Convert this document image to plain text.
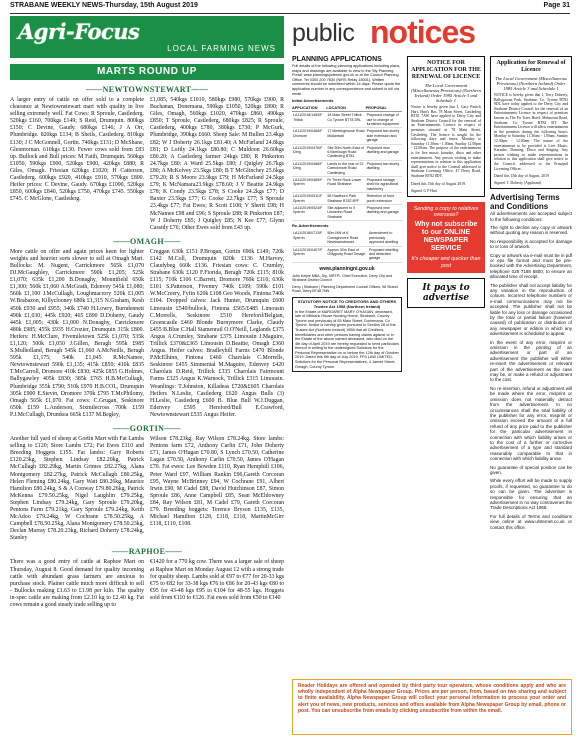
STRABANE WEEKLY NEWS-Thursday, 15th August 2019	Page 31
Agri-Focus
LOCAL FARMING NEWS
MARTS ROUND UP
——NEWTOWNSTEWART——
A larger entry of cattle on offer sold to a complete clearance at Newtownstewart mart with quality in live selling extremely well. Fat Cows: R Sproule, Castlederg. 520kgs £160, 700kgs £149; S Reid, Drumquin. 800kgs £150; C Devine, Gaudy. 680kgs £146; J A Orr, Plumbridge. 820kgs £134; B Sheils, Castlederg. 810kgs £130; J C McGonnell, Gortin. 740kgs £131; D McShane, Glenmornan. 610kgs £130. Fewer cows sold from £83 up. Bullock and Bull prices: M Faith, Drumquin. 560kgs £1050, 590kgs £900, 520kgs £900, 420kgs £880; R Giles, Omagh. Friesian 620kgs £1020; H Catterson, Castlederg. 600kgs £920, 410kgs £910, 570kgs £800. Heifer prices: C Devine, Gaudy. 670kgs £1090, 520kgs £850, 600kgs £840, 520kgs £750, 470kgs £745. 550kgs £745. C McGlone, Castlederg.
£1,085, 540kgs £1010, 580kgs £980, 570kgs £900, R Buchanan, Donemana, 590kgs £1050, 520kgs £890; R Giles, Omagh, 560kgs £1020, 470kgs £860, 490kgs £850; T Sproule, Castlederg, 680kgs £825; R Sproule, Castlederg, 400kgs £780, 380kgs £730; P McGurk, Plumbridge, 390kgs £660. Sheep Sale: M Bullen 23.4kgs £82; W J Doherty 26.1kgs £81.40; A McFarland 24.8kgs £81; D Loftly 24.1kgs £80.80; C Muldoon 26.60kgs £80.20; A Castlederg farmer 24kgs £80; R Pinkerton 24.7kgs £80; A Ward 25.5kgs £80; J Quigley 26.7kgs £80; A McKelvey 23.5kgs £80; B T McGlinchey 25.6kgs £79.20; R S Moore 23.9kgs £79; H McFarland 24.5kgs £79; K McNamara23.9kgs £78.60; J V Beattie 24.9kgs £78; K Condy 23.5kgs £78; S Cooke 24.2kgs £77; D Baxter 23.5kgs £77; G Cooke 22.7kgs £77; S Sproule 23.4kgs £77; Fat Ewes; R Scott £108; V Sherit £98; H McNamee £98 and £96; S Sproule £88; R Pinkerton £87; W J Doherty £85; J Quigley £85; N Kee £77; Glynn Cassidy £76; Other Ewes sold from £43 up.
——OMAGH——
More cattle on offer and again prices keen for lighter weights and heavier sorts slower to sell at Omagh Mart. Bullocks: M. Nugent, Carrickmore 565k £1,070 DJ.McGaughley, Carrickmore 590k £1,205; 525k £1,070; 635k £1,200 B.Donaghy, Mountfield 650k £1,300; 560k £1,060 A.McGrath, Edenvey 545k £1,080; 560k £1,100 J.McCullagh, Loughmacrory 520k £1,005 W.Brabazon, Killyclooney 680k £1,315 N.Graham, Kesh 450k £930 and £955; 340k £740 H.Lowry, Burndennett 490k £1,030; 445k £920; 465 £890 D.Doherty, Gaudy 445k £1,005; 430k £1,000 N.Donaghy, Carrickmore 480k £985; 455k £935 H.Crozier, Drumquin 315k £800. Heifers: H.McClure, Fivemiletown 525k £1,070; 535k £1,120; 500k £1,050 J.Gillen, Beragh 595k £985 S.Mulholland, Beragh 545k £1,060 A.McNeills, Beragh 595k £1,175; 540k £1,045 R.McNamee, Newtownstewart 590k £1,135; 415k £850; 410k £835 T.McCarroll, Dromore 410k £830; 425k £855 G.Holmes, Ballygawley 405k £830; 385k £765 H.B.McCullagh, Plumbridge 355k £790; 510k £970 H.B.COL, Drumquin 305k £900 E.Stevin, Dromore 370k £795 T.McPhilomy, Omagh 565k £1,070. Fat cows: C.Grugan, Seskinore 650k £159 L.Anderson, Sixmilecross 700k £159 P.J.McCullagh, Drumkea 665k £137 M.Begley,
Creggan 630k £151 P.Brogan, Gortin 690k £149; 720k £142 M.Coll, Drumquin 820k £136 M.Harvey, Claudybeg 660k £136. Friesian cows: C. Crumley, Strabane 630k £120 F.Fiorida, Beragh 720k £115; 810k £115; 710k £106 C.Barrett, Dromore 760k £110; 630k £101 S.Patterson, Fivemry 740k £109; 590k £101 W.McCreery, Fyfin 620k £108 Geo Woods, Fintona 740k £104. Dropped calves: Jack Hunter, Drumquin £600 Limousin £540/bullock, Fintona £565/£485 Limousin C.Morrells, Seskinore £510 Hereford/Belgian, Greencastle £460 Blonde Burnymore Clarke, Claudy £455 B.Blue C.Hall Stamenrail O.O'Neill, Leglands £375 Angus A.Crumley, Strabane £375 Limousin J.Maguire, Trillick £370&£365 Limousin D.Beattie, Omagh £360 Angus. Heifer calves: Bradleyhill Farms £470 Blonde P.McElhinn, Fintona £460 Charolais C.Morrells, Seskinore £455 Simmental M.Maguire, Edenvey £420 Charolais D.Reid, Trillick £335 Charolais Fairmount Farms £325 Angus K.Warnock, Trillick £315 Limousin. Weanlings: T.Johnston, Killadeas £720&£605 Charolais Heifers N.Leslie, Castlederg £620 Angus Bulls (3) H.Leslie, Castlederg £600 B. Blue Bull W.J.Duggan, Edenvey £595 Hereford/Bull E.Crawford, Newtownstewart £535 Angus Heifer.
——GORTIN——
Another full yard of sheep at Gortin Mart with Fat Lambs selling to £120; Store Lambs £72; Fat Ewes £110 and Breeding Hoggets £155. Fat lambs: Gary Roberts £120.23kg, Stephen Lindsay £82.20kg, Patrick McCullagh £82.29kg, Martin Grimes £82.27kg, Alana Montgomery £82.27kg, Patrick McCullagh £80.25kg, Helen Fleming £80.24kg, Gary Watt £80.26kg, Maurice Hamilton £80.24kg, S & A Conway £79.80.26kg, Patrick McKenna £79.50.25kg, Nigel Laughlin £79.25kg, Stephen Lindsay £79.24kg, Gary Sproule £79.20kg, Pentons Farm £79.21kg, Gary Sproule £79.24kg, Keith McAdoo £79.24kg, W Cochrane £78.50.25kg, A Campbell £78.50.25kg, Alana Montgomery £78.50.23kg, Declan Murray £78.20.23kg, Richard Doherty £78.24kg, Stanley
Wilson £78.23kg, Ray Wilson £78.24kg. Store lambs: Pentons farm £72, Anthony Carlin £71, John Doherty £71, James O'Hagan £70.80, S Lynch £70.50, Catherine Lagan £70.50, Anthony Carlin £70.50, James O'Hagan £70. Fat ewes: Lee Bowden £110, Ryan Hemphill £106, Peter Ward £97, William Rankin £96,Gareth Corcoran £95, Wayne McBrinney £94, W Cochrane £91, Albert Irwin £90, M Cadel £88, David Hutchinson £87, Simon Sproule £86, Anne Campbell £85, Sean McEldowney £84, Ray Wilson £81, M Cadel £79, Gareth Corcoran £79. Breeding hoggets: Terence Bryson £135, £135, Michael Hamilton £128, £118, £118, MartinMcGirr £118, £110, £108.
——RAPHOE——
There was a good entry of cattle at Raphoe Mart on Thursday, August 8. Good demand for quality incoming cattle with abundant grass farmers are anxious to purchase stock. Plainer cattle much more difficult to sell - Bullocks making £1.63 to £1.98 per kilo. The quality in-spec cattle are making from £2.10 kg to £2.40 kg. Fat cows remain a good steady trade selling up to
€1420 for a 770 kg cow. There was a larger sale of sheep at Raphoe Mart on Monday August 12 with a strong trade for quality sheep. Lambs sold at €97 to €77 for 20-33 kgs €75 to €82 for 33-38 kgs €76 to €86 for 20-43 kgs €80 to €95 for 43-48 kgs €95 to €104 for 48-55 kgs. Hoggets sold from €110 to €126. Fat ewes sold from €50 to €140
public notices
PLANNING APPLICATIONS
Full details of the following planning applications including plans, maps and drawings are available to view in the 'My Planning Portal' www.planningsystemni.gov.uk or at the Council Planning Office. Tel 0300 200 7830 (NIRS Relay 18001). Written comments should be submitted within 14 days. Please quote the application number in any correspondence and submit in full via email.
Initial Advertisements
APPLICATION	LOCATION	PROPOSAL
LA11/2018/1483/F Trillick	18 Main Street Trillick Co Tyrone BT78 3RL	Proposed change of use to change of furnished equipment
LA11/2019/0468/F Dromore	17 Meetinghouse Road Mullanbalt	Proposed two storey side extension and garage
LA11/2019/0476/F Derg	Site 50m North-East of 6 Barnlough Road Castlederg BT81	Proposed new dwelling and garage
LA11/2019/0486/F Derg	Lands to the rear of 22 Carrickmore Road Castlederg	Proposed two storey dwelling
LA11/2019/0489/F Sperrin	Rr Three Rock Lower Road Strabane	Proposed storage shed for agricultural machinery
LA11/2019/0511/F Sperrin	58 Hawthorn Park Strabane BT82 8PF	Retention of front porch extension
LA11/2019/0524/F Sperrin	Site adjacent to 9 Lisnavinn Road Strabane	Proposed new dwelling and garage
Re-Advertisements
LA11/2018/0713/F Sperrin	50m NW of 6 Curraghmore Road Newtownstewart	Amendment to previously approved dwelling
LA11/2019/0407/F Sperrin	Approx 30m East of Gillygooly Road Omagh	Proposed dwelling and detached garage
www.planningni.gov.uk
John Kelpie MBA, Dip, MRTPI, Chief Executive, Derry City and Strabane District Council
Derry | Strabane | Planning Department Council Offices, 98 Strand Road, Derry BT48 7NN
STATUTORY NOTICE TO CREDITORS AND OTHERS
Trustee Act 1958 (Northern Ireland)
In the Estate of MARGARET MARY O'HAGAN, deceased, late of Millbank House Nursing Home, Strabane, County Tyrone and previously of 65 Main Street, Donemana, Co Tyrone. Notice is hereby given pursuant to Section 28 of the Trustee Act (Northern Ireland) 1958 that all Creditors, beneficiaries and other persons having claims against or in the Estate of the above named deceased, who died on the 4th day of April 2019 are hereby requested to send particulars thereof in writing to the undersigned Solicitors for the Personal Representative on or before the 12th day of October 2019. Dated this 9th day of July 2019. FP4 LAW LIMITED, Solicitors for the Personal Representatives, 4 James Street, Omagh, County Tyrone.
NOTICE FOR APPLICATION FOR THE RENEWAL OF LICENCE
The Local Government (Miscellaneous Provisions) (Northern Ireland) Order 1985 Article 3 and Schedule 1
Notice is hereby given that I, Gary Patrick Hart, Hart's Bar, 78 Main Street, Castlederg BT81 7AW have applied to Derry City and Strabane District Council for the renewal of an Entertainments Licence in respect of premises situated at 78 Main Street, Castlederg. The licence is sought for the following days and times: Monday to Saturday 11.30am - 1.00am, Sunday 12.00pm - 12.00am. The purpose of the entertainment is for live music, karaoke, disco and other entertainment. Any person wishing to make representations in relation to this application shall give notice to the Council addressed to Strabane Licensing Office, 47 Derry Road, Strabane BT82 8DY.
Dated this 15th day of August 2019.
Signed: G P Hart
Sending a copy to relatives overseas?
Why not subscribe to our ONLINE NEWSPAPER SERVICE
It's cheaper and quicker than post
It pays to advertise
Application for Renewal of Licence
The Local Government (Miscellaneous Provisions) (Northern Ireland) Order 1985 Article 3 and Schedule 1
NOTICE is hereby given that I, Terry Doherty, Ballygowan Park, Strabane, Co. Tyrone BT82 9DL have today applied to the Derry City and Strabane District Council for the renewal of an Entertainments Licence in respect of premises known as The Fir Trees Hotel, Melmount Road, Strabane, Co Tyrone BT82 9JT. The Entertainments Licence will allow entertainment in the premises during the following hours: Monday to Saturday 11.30am - 1.00am, Sunday 12.30pm - 12.00am. The nature of the entertainment to be provided is Live Music, Karaoke, Dancing, Disco and Singing. Any person wishing to make representations in relation to this application shall give notice to the Council, addressed to the Principal Licensing Officer.
Dated this 15th day of August, 2019
Signed: T. Doherty (Applicant)
Advertising Terms and Conditions

All advertisements are accepted subject to the following conditions:

The right to decline any copy or artwork without quoting any reason is reserved.

No responsibility is accepted for damage to or loss of artwork.

Copy or artwork via e-mail must be in pdf or eps file format and must be pre-booked with the Advertising Department, telephone 028 7188 6800, to ensure an allocated time of receipt.

The publisher shall not accept liability for any variation in the reproduction of colours. Incorrect telephone numbers or e-mail communications may not be accepted. The publisher shall not be liable for any loss or damage occasioned by the total or partial failure (however caused) of publication or distribution of any newspaper or edition in which any advertisement is scheduled to appear.

In the event of any error, misprint or omission in the printing of an advertisement or part of an advertisement the publisher will either re-insert the advertisement or relevant part of the advertisement as the case may be, or make a refund or adjustment to the cost.

No re-insertion, refund or adjustment will be made where the error, misprint or omission does not materially detract from the advertisement. In no circumstances shall the total liability of the publisher for any error, misprint or omission exceed the amount of a full refund of any price paid to the publisher for the particular advertisement in connection with which liability arises or to the cost of a further or corrective advertisement of a type and standard reasonably comparable to that in connection with which liability arose.

No guarantee of special position can be given.

While every effort will be made to supply proofs, if requested, no guarantee to do so can be given. The advertiser is responsible for ensuring that an advertisement in no way contravenes the Trade Descriptions Act 1968.

For full details of Terms and conditions view online at www.ulsternet.co.uk or contact this office.

Reader Holidays are offered and operated by third party tour operators, whose conditions apply and who are wholly independent of Alpha Newspaper Group. Prices are per person, from, based on two sharing and subject to finite availability. Alpha Newspaper Group will collect your personal information to process your order and alert you of news, new products, services and offers available from Alpha Newspaper Group by email, phone or post. You can unsubscribe from emails by clicking unsubscribe from within the email.
